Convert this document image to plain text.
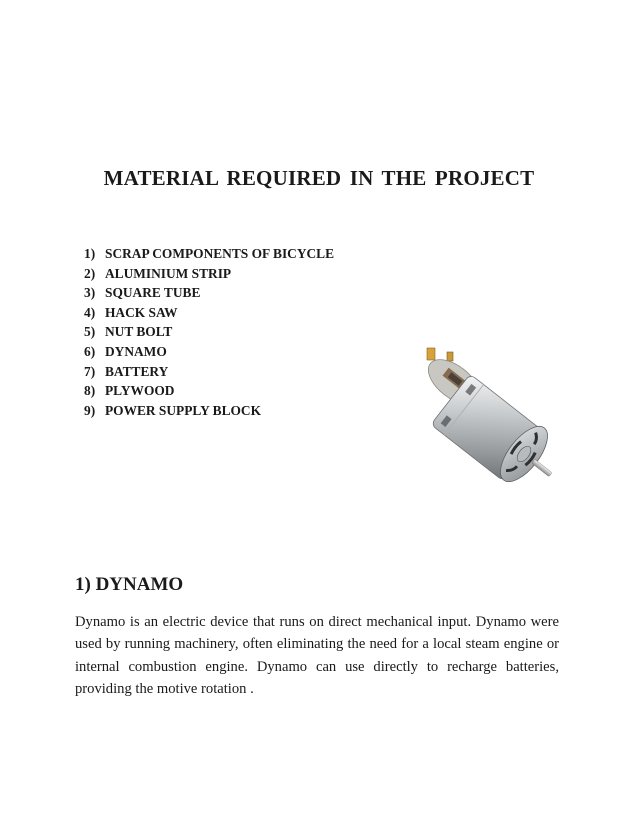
MATERIAL REQUIRED IN THE PROJECT
1) SCRAP COMPONENTS OF BICYCLE
2) ALUMINIUM STRIP
3) SQUARE TUBE
4) HACK SAW
5) NUT BOLT
6) DYNAMO
7) BATTERY
8) PLYWOOD
9) POWER SUPPLY BLOCK
1) DYNAMO

Dynamo is an electric device that runs on direct mechanical input. Dynamo were used by running machinery, often eliminating the need for a local steam engine or internal combustion engine. Dynamo can use directly to recharge batteries, providing the motive rotation .
